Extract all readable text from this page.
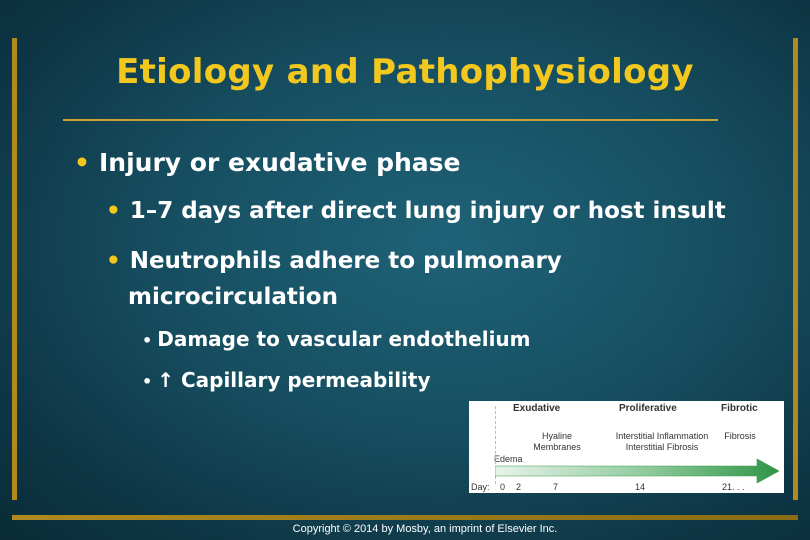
Etiology and Pathophysiology
• Injury or exudative phase
• 1–7 days after direct lung injury or host insult
• Neutrophils adhere to pulmonary
microcirculation
• Damage to vascular endothelium
• ↑ Capillary permeability
Exudative	Proliferative	Fibrotic
Hyaline
Membranes
Interstitial Inflammation
Interstitial Fibrosis
Fibrosis
Edema
Day: 0 2	7	14	21. . .
Copyright © 2014 by Mosby, an imprint of Elsevier Inc.
